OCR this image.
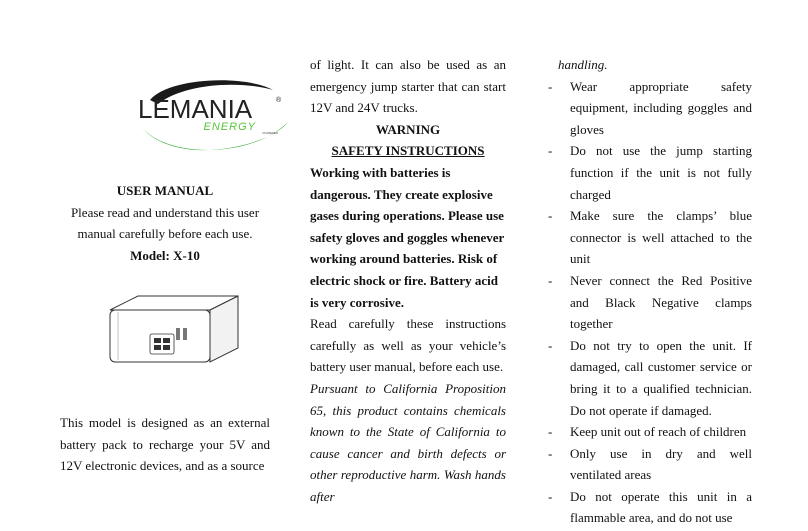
LEMANIA	®
ENERGY POWERED
USER MANUAL
Please read and understand this user manual carefully before each use.
Model: X-10
This model is designed as an external battery pack to recharge your 5V and 12V electronic devices, and as a source
of light. It can also be used as an emergency jump starter that can start 12V and 24V trucks.
WARNING
SAFETY INSTRUCTIONS
Working with batteries is dangerous. They create explosive gases during operations. Please use safety gloves and goggles whenever working around batteries. Risk of electric shock or fire. Battery acid is very corrosive.
Read carefully these instructions carefully as well as your vehicle’s battery user manual, before each use.
Pursuant to California Proposition 65, this product contains chemicals known to the State of California to cause cancer and birth defects or other reproductive harm. Wash hands after
handling.
-	Wear appropriate safety equipment, including goggles and gloves
-	Do not use the jump starting function if the unit is not fully charged
-	Make sure the clamps’ blue connector is well attached to the unit
-	Never connect the Red Positive and Black Negative clamps together
-	Do not try to open the unit. If damaged, call customer service or bring it to a qualified technician. Do not operate if damaged.
-	Keep unit out of reach of children
-	Only use in dry and well ventilated areas
-	Do not operate this unit in a flammable area, and do not use
